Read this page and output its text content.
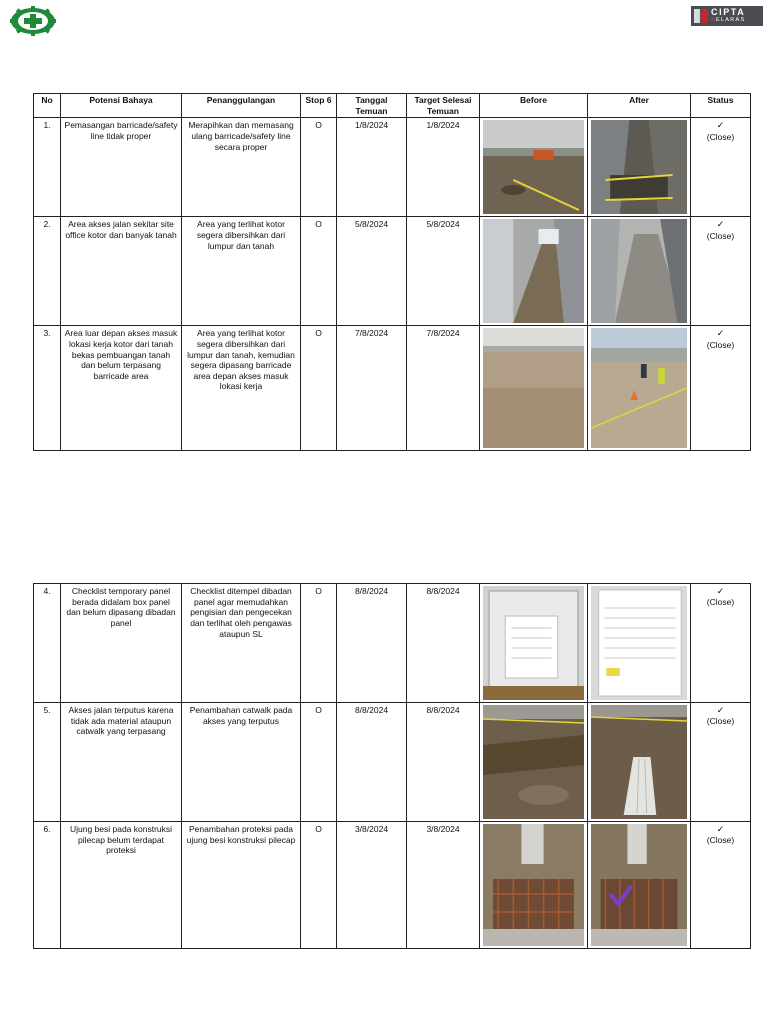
CIPTA
SELARAS
No	Potensi Bahaya	Penanggulangan	Stop 6	Tanggal Temuan	Target Selesai Temuan	Before	After	Status
1.	Pemasangan barricade/safety line tidak proper	Merapihkan dan memasang ulang barricade/safety line secara proper	O	1/8/2024	1/8/2024			✓
(Close)
2.	Area akses jalan sekitar site office kotor dan banyak tanah	Area yang terlihat kotor segera dibersihkan dari lumpur dan tanah	O	5/8/2024	5/8/2024			✓
(Close)
3.	Area luar depan akses masuk lokasi kerja kotor dari tanah bekas pembuangan tanah dan belum terpasang barricade area	Area yang terlihat kotor segera dibersihkan dari lumpur dan tanah, kemudian segera dipasang barricade area depan akses masuk lokasi kerja	O	7/8/2024	7/8/2024			✓
(Close)
4.	Checklist temporary panel berada didalam box panel dan belum dipasang dibadan panel	Checklist ditempel dibadan panel agar memudahkan pengisian dan pengecekan dan terlihat oleh pengawas ataupun SL	O	8/8/2024	8/8/2024			✓
(Close)
5.	Akses jalan terputus karena tidak ada material ataupun catwalk yang terpasang	Penambahan catwalk pada akses yang terputus	O	8/8/2024	8/8/2024			✓
(Close)
6.	Ujung besi pada konstruksi pilecap belum terdapat proteksi	Penambahan proteksi pada ujung besi konstruksi pilecap	O	3/8/2024	3/8/2024			✓
(Close)
